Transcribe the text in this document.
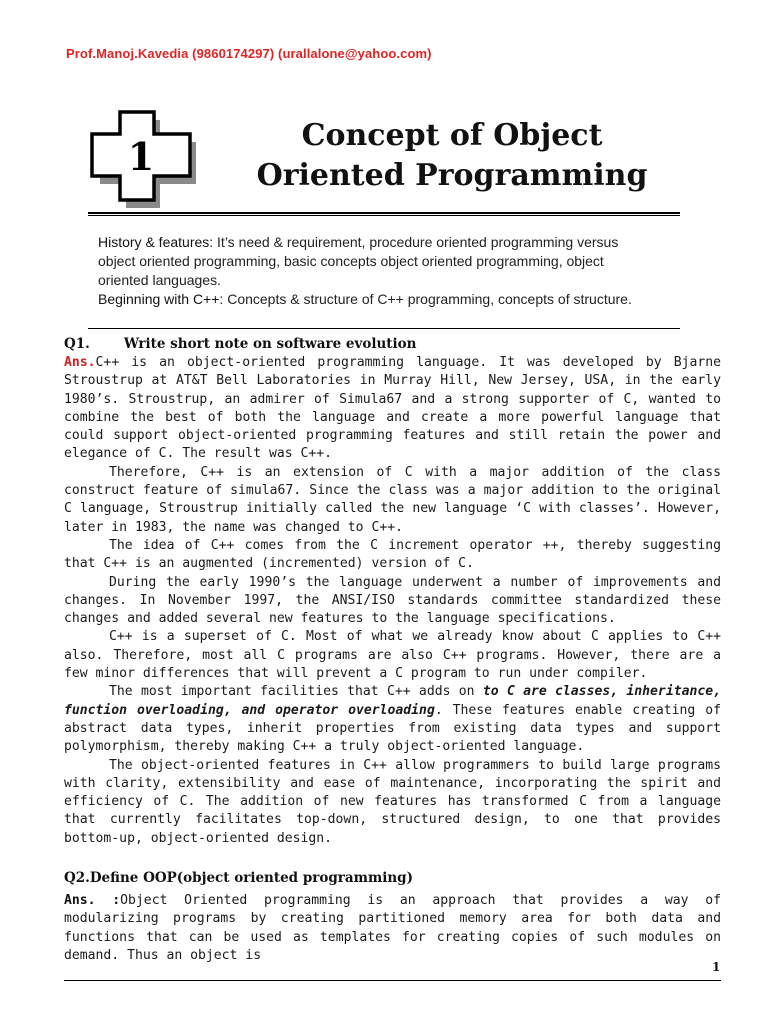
Prof.Manoj.Kavedia (9860174297) (urallalone@yahoo.com)
1	Concept of Object
Oriented Programming

History & features: It’s need & requirement, procedure oriented programming versus object oriented programming, basic concepts object oriented programming, object oriented languages.

Beginning with C++: Concepts & structure of C++ programming, concepts of structure.

Q1.	Write short note on software evolution

Ans.C++ is an object-oriented programming language. It was developed by Bjarne Stroustrup at AT&T Bell Laboratories in Murray Hill, New Jersey, USA, in the early 1980’s. Stroustrup, an admirer of Simula67 and a strong supporter of C, wanted to combine the best of both the language and create a more powerful language that could support object-oriented programming features and still retain the power and elegance of C. The result was C++.

Therefore, C++ is an extension of C with a major addition of the class construct feature of simula67. Since the class was a major addition to the original C language, Stroustrup initially called the new language ‘C with classes’. However, later in 1983, the name was changed to C++.

The idea of C++ comes from the C increment operator ++, thereby suggesting that C++ is an augmented (incremented) version of C.

During the early 1990’s the language underwent a number of improvements and changes. In November 1997, the ANSI/ISO standards committee standardized these changes and added several new features to the language specifications.

C++ is a superset of C. Most of what we already know about C applies to C++ also. Therefore, most all C programs are also C++ programs. However, there are a few minor differences that will prevent a C program to run under compiler.

The most important facilities that C++ adds on to C are classes, inheritance, function overloading, and operator overloading. These features enable creating of abstract data types, inherit properties from existing data types and support polymorphism, thereby making C++ a truly object-oriented language.

The object-oriented features in C++ allow programmers to build large programs with clarity, extensibility and ease of maintenance, incorporating the spirit and efficiency of C. The addition of new features has transformed C from a language that currently facilitates top-down, structured design, to one that provides bottom-up, object-oriented design.

Q2.Define OOP(object oriented programming)

Ans. :Object Oriented programming is an approach that provides a way of modularizing programs by creating partitioned memory area for both data and functions that can be used as templates for creating copies of such modules on demand. Thus an object is

1
